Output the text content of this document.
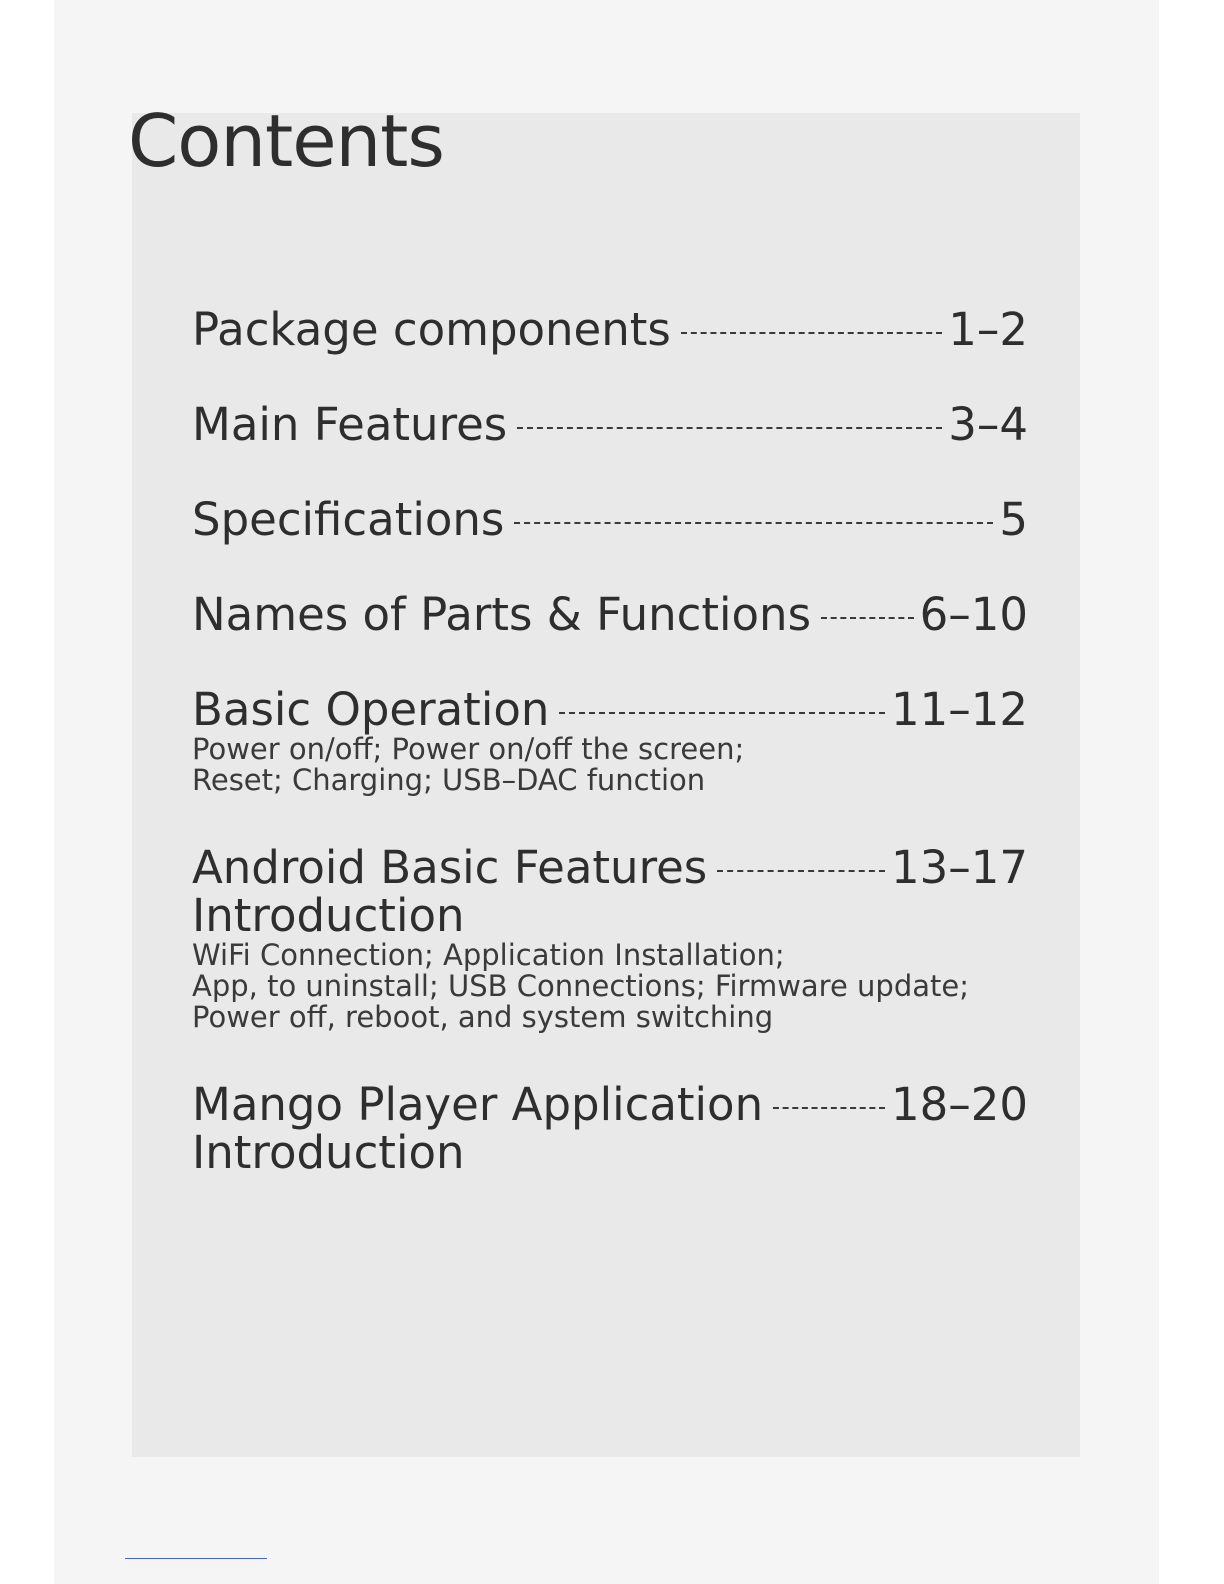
Contents
Package components	1–2
Main Features	3–4
Specifications	5
Names of Parts & Functions 6–10
Basic Operation	11–12
Power on/off; Power on/off the screen;
Reset; Charging; USB–DAC function
Android Basic Features	13–17
Introduction
WiFi Connection; Application Installation;
App, to uninstall; USB Connections; Firmware update;
Power off, reboot, and system switching
Mango Player Application	18–20
Introduction
